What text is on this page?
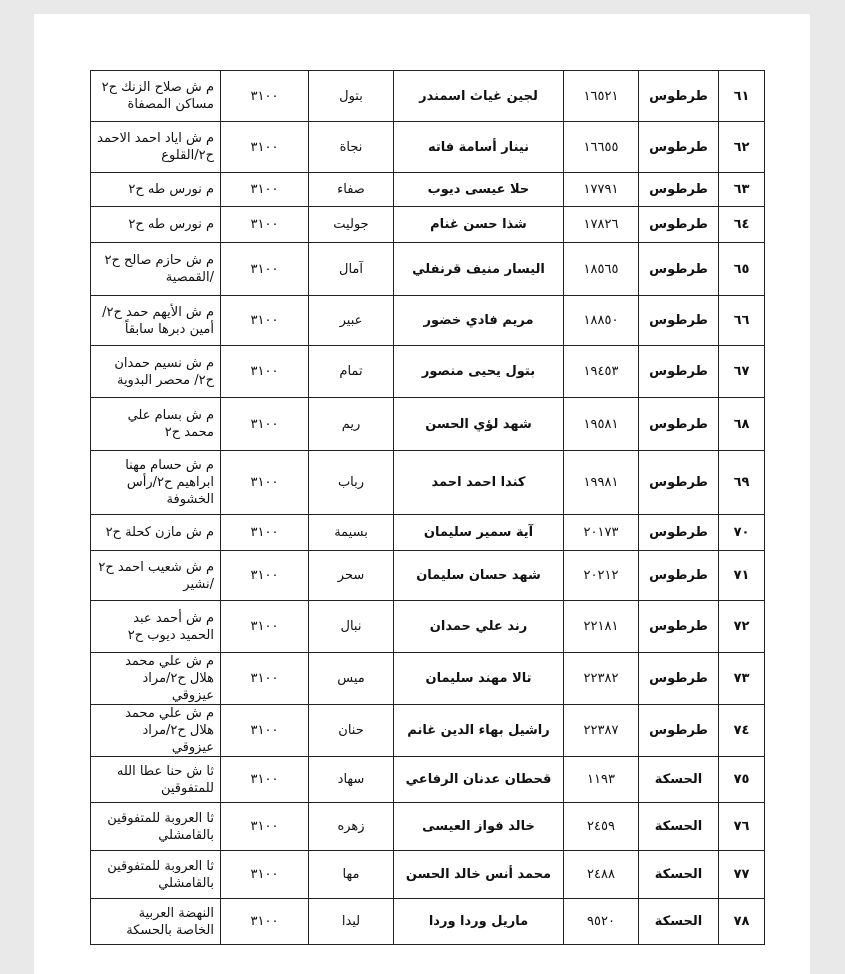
٦١	طرطوس	١٦٥٢١	لجين غياث اسمندر	بتول	٣١٠٠	م ش صلاح الزنك ح٢ مساكن المصفاة
٦٢	طرطوس	١٦٦٥٥	نينار أسامة فاته	نجاة	٣١٠٠	م ش اياد احمد الاحمد ح٢/القلوع
٦٣	طرطوس	١٧٧٩١	حلا عيسى ديوب	صفاء	٣١٠٠	م نورس طه ح٢
٦٤	طرطوس	١٧٨٢٦	شذا حسن غنام	جوليت	٣١٠٠	م نورس طه ح٢
٦٥	طرطوس	١٨٥٦٥	اليسار منيف قرنفلي	آمال	٣١٠٠	م ش حازم صالح ح٢ /القمصية
٦٦	طرطوس	١٨٨٥٠	مريم فادي خضور	عبير	٣١٠٠	م ش الأيهم حمد ح٢/أمين دبرها سابقاً
٦٧	طرطوس	١٩٤٥٣	بتول يحيى منصور	تمام	٣١٠٠	م ش نسيم حمدان ح٢/ محصر البدوية
٦٨	طرطوس	١٩٥٨١	شهد لؤي الحسن	ريم	٣١٠٠	م ش بسام علي محمد ح٢
٦٩	طرطوس	١٩٩٨١	كندا احمد احمد	رباب	٣١٠٠	م ش حسام مهنا ابراهيم ح٢/رأس الخشوفة
٧٠	طرطوس	٢٠١٧٣	آية سمير سليمان	بسيمة	٣١٠٠	م ش مازن كحلة ح٢
٧١	طرطوس	٢٠٢١٢	شهد حسان سليمان	سحر	٣١٠٠	م ش شعيب احمد ح٢ /نشير
٧٢	طرطوس	٢٢١٨١	رند علي حمدان	نبال	٣١٠٠	م ش أحمد عبد الحميد ديوب ح٢
٧٣	طرطوس	٢٢٣٨٢	تالا مهند سليمان	ميس	٣١٠٠	م ش علي محمد هلال ح٢/مراد عيزوقي
٧٤	طرطوس	٢٢٣٨٧	راشيل بهاء الدين غانم	حنان	٣١٠٠	م ش علي محمد هلال ح٢/مراد عيزوقي
٧٥	الحسكة	١١٩٣	قحطان عدنان الرفاعي	سهاد	٣١٠٠	ثا ش حنا عطا الله للمتفوقين
٧٦	الحسكة	٢٤٥٩	خالد فواز العيسى	زهره	٣١٠٠	ثا العروبة للمتفوقين بالقامشلي
٧٧	الحسكة	٢٤٨٨	محمد أنس خالد الحسن	مها	٣١٠٠	ثا العروبة للمتفوقين بالقامشلي
٧٨	الحسكة	٩٥٢٠	ماريل وردا وردا	ليدا	٣١٠٠	النهضة العربية الخاصة بالحسكة
